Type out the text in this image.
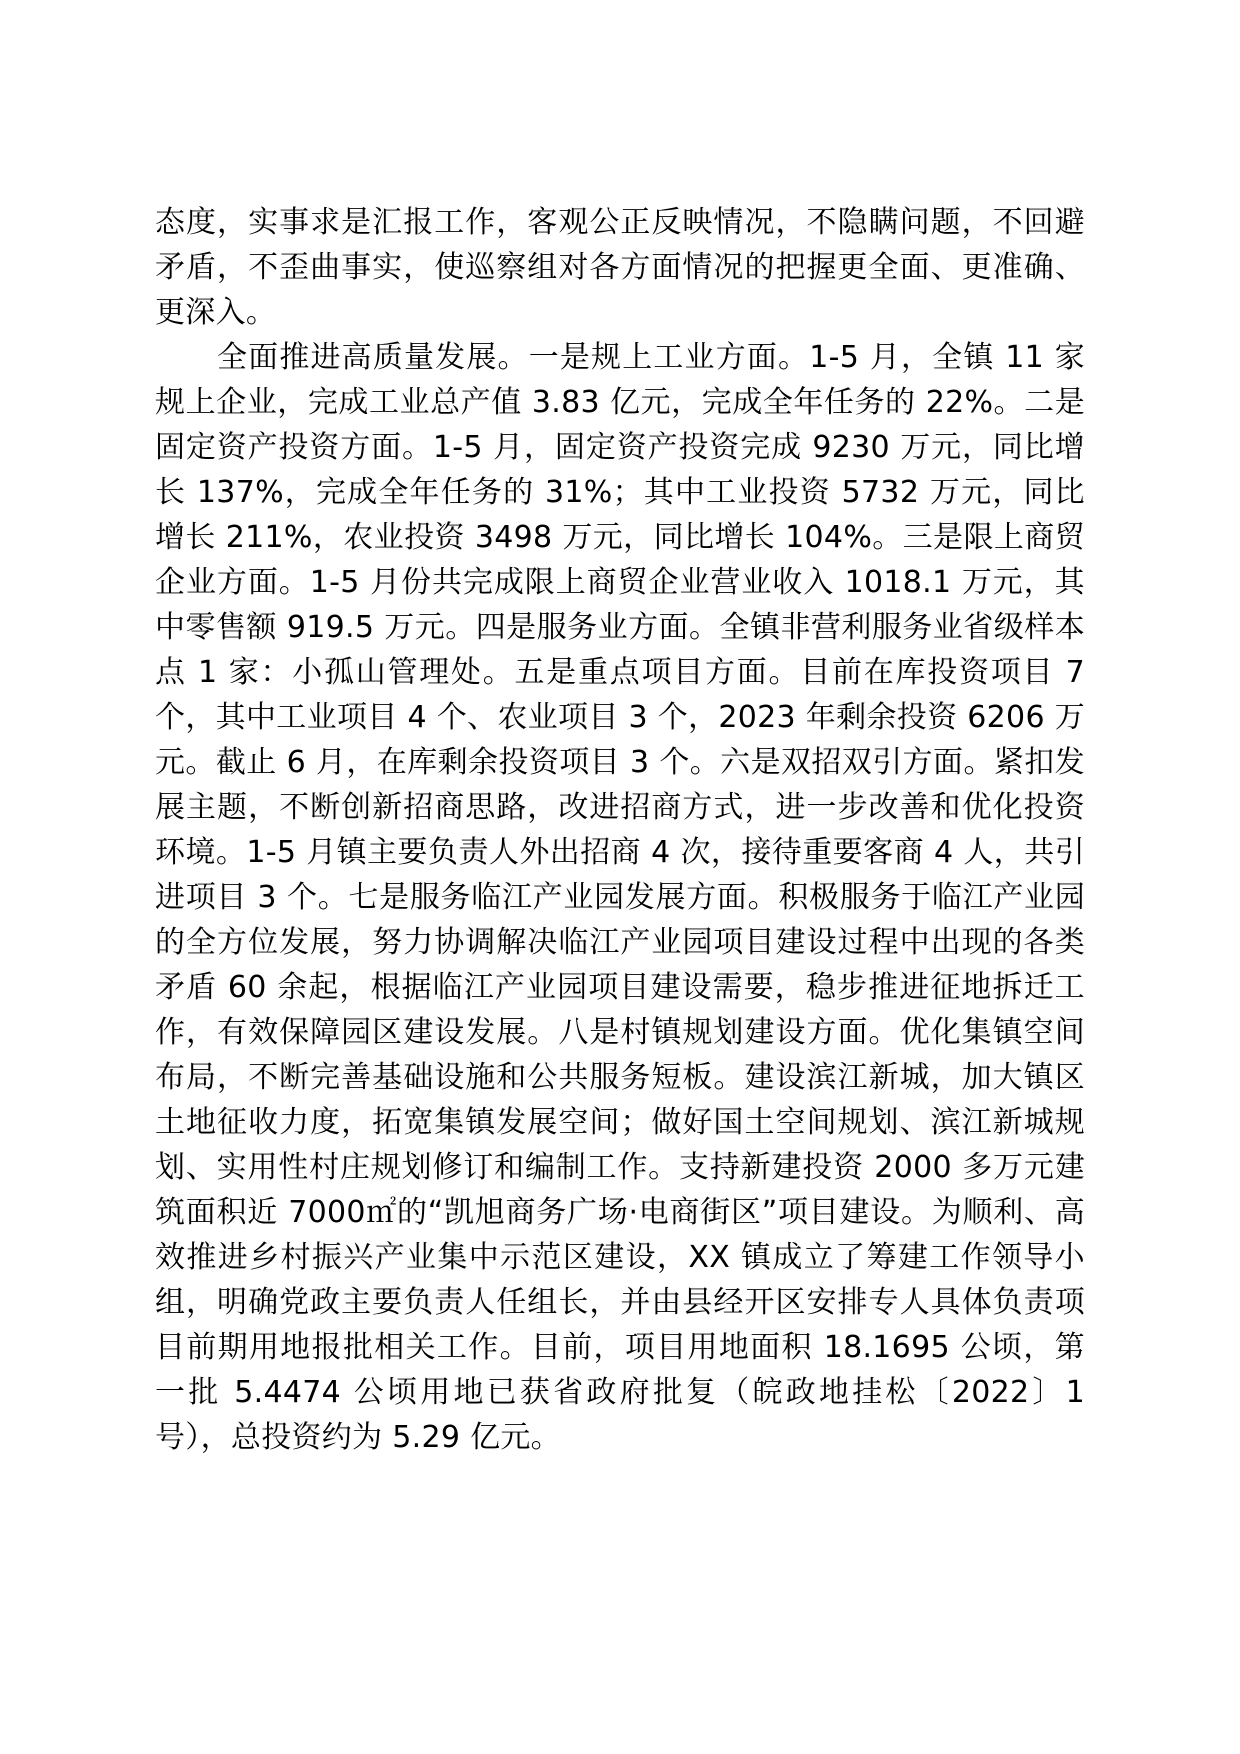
态度，实事求是汇报工作，客观公正反映情况，不隐瞒问题，不回避矛盾，不歪曲事实，使巡察组对各方面情况的把握更全面、更准确、更深入。

全面推进高质量发展。一是规上工业方面。1-5 月，全镇 11 家规上企业，完成工业总产值 3.83 亿元，完成全年任务的 22%。二是固定资产投资方面。1-5 月，固定资产投资完成 9230 万元，同比增长 137%，完成全年任务的 31%；其中工业投资 5732 万元，同比增长 211%，农业投资 3498 万元，同比增长 104%。三是限上商贸企业方面。1-5 月份共完成限上商贸企业营业收入 1018.1 万元，其中零售额 919.5 万元。四是服务业方面。全镇非营利服务业省级样本点 1 家：小孤山管理处。五是重点项目方面。目前在库投资项目 7 个，其中工业项目 4 个、农业项目 3 个，2023 年剩余投资 6206 万元。截止 6 月，在库剩余投资项目 3 个。六是双招双引方面。紧扣发展主题，不断创新招商思路，改进招商方式，进一步改善和优化投资环境。1-5 月镇主要负责人外出招商 4 次，接待重要客商 4 人，共引进项目 3 个。七是服务临江产业园发展方面。积极服务于临江产业园的全方位发展，努力协调解决临江产业园项目建设过程中出现的各类矛盾 60 余起，根据临江产业园项目建设需要，稳步推进征地拆迁工作，有效保障园区建设发展。八是村镇规划建设方面。优化集镇空间布局，不断完善基础设施和公共服务短板。建设滨江新城，加大镇区土地征收力度，拓宽集镇发展空间；做好国土空间规划、滨江新城规划、实用性村庄规划修订和编制工作。支持新建投资 2000 多万元建筑面积近 7000㎡的“凯旭商务广场·电商街区”项目建设。为顺利、高效推进乡村振兴产业集中示范区建设，XX 镇成立了筹建工作领导小组，明确党政主要负责人任组长，并由县经开区安排专人具体负责项目前期用地报批相关工作。目前，项目用地面积 18.1695 公顷，第一批 5.4474 公顷用地已获省政府批复（皖政地挂松〔2022〕1 号），总投资约为 5.29 亿元。
